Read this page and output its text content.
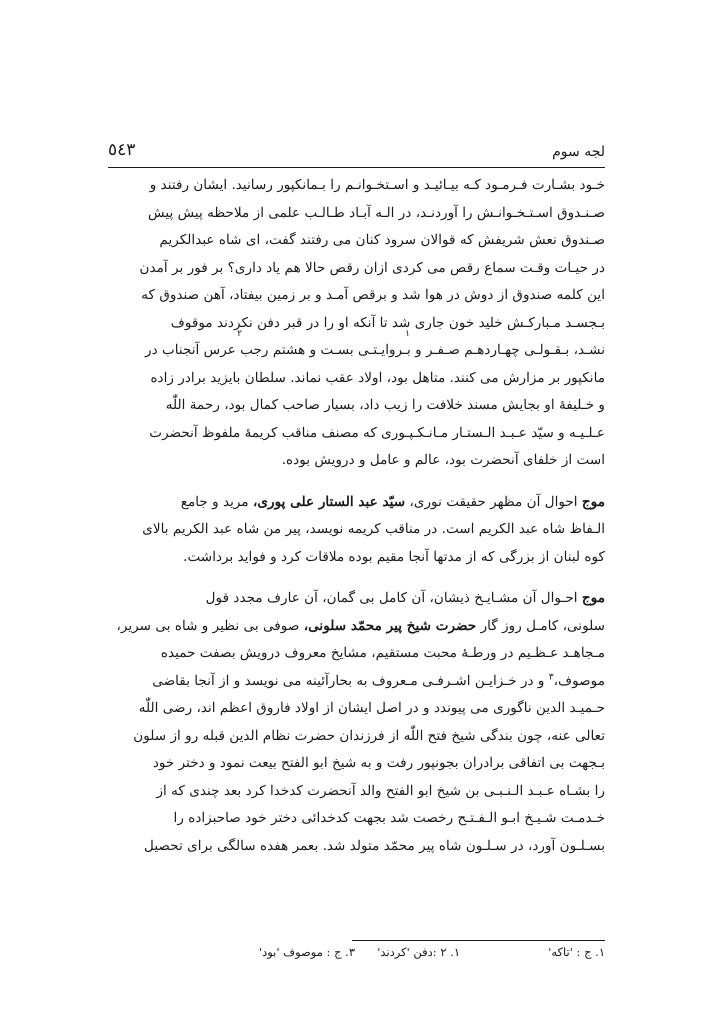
لجه سوم
٥٤٣
خـود بشـارت فـرمـود کـه بیـائیـد و اسـتخـوانـم را بـمانکپور رسانید. ایشان رفتند و
صـنـدوق اسـتـخـوانـش را آوردنـد، در الـه آبـاد طـالـب علمی از ملاحظه پیش پیش
صـندوق نعش شریفش که قوالان سرود کنان می رفتند گفت، ای شاه عبدالکریم
در حیـات وقـت سماع رقص می کردی ازان رقص حالا هم یاد داری؟ بر فور بر آمدن
این کلمه صندوق از دوش در هوا شد و برقص آمـد و بر زمین بیفتاد، آهن صندوق که
بـجسـد مـبارکـش خلید خون جاری شد تا آنکه او را در قبر دفن نکردند موقوف
نشـد، بـقـولـی چهـاردهـم صـفـر و بـروایـتـی بسـت و هشتم رجب عرس آنجناب در
مانکپور بر مزارش می کنند. متاهل بود، اولاد عقب نماند. سلطان بایزید برادر زاده
و خـلیفهٔ او بجایش مسند خلافت را زیب داد، بسیار صاحب کمال بود، رحمة اللّٰه
عـلـیـه و سیّد عـبـد الـستـار مـانـکـپـوری که مصنف مناقب کریمهٔ ملفوظ آنحضرت
است از خلفای آنحضرت بود، عالم و عامل و درویش بوده.
موج احوال آن مظهر حقیقت نوری، سیّد عبد الستار علی پوری، مرید و جامع
الـفاظ شاه عبد الکریم است. در مناقب کریمه نویسد، پیر من شاه عبد الکریم بالای
کوه لبنان از بزرگی که از مدتها آنجا مقیم بوده ملاقات کرد و فواید برداشت.
موج احـوال آن مشـایـخ ذیشان، آن کامل بی گمان، آن عارف مجدد قول
سلونی، کامـل روز گار حضرت شیخ پیر محمّد سلونی، صوفی بی نظیر و شاه بی سریر،
مـجاهـد عـظـیم در ورطـهٔ محبت مستقیم، مشایخ معروف درویش بصفت حمیده
موصوف،$^٣$ و در خـزایـن اشـرفـی مـعروف به بحارآئینه می نویسد و از آنجا بقاضی
حـمیـد الدین ناگوری می پیوندد و در اصل ایشان از اولاد فاروق اعظم اند، رضی اللّٰه
تعالی عنه، چون بندگی شیخ فتح اللّٰه از فرزندان حضرت نظام الدین قبله رو از سلون
بـجهت بی اتفاقی برادران بجونپور رفت و به شیخ ابو الفتح بیعت نمود و دختر خود
را بشـاه عـبـد الـنـبـی بن شیخ ابو الفتح والد آنحضرت کدخدا کرد بعد چندی که از
خـدمـت شـیـخ ابـو الـفـتـح رخصت شد بجهت کدخدائی دختر خود صاحبزاده را
بسـلـون آورد، در سـلـون شاه پیر محمّد متولد شد. بعمر هفده سالگی برای تحصیل
١. ج : 'تاکه'
١. ٢ :دفن 'کردند'
٣. ج : موصوف 'بود'
١
٢
